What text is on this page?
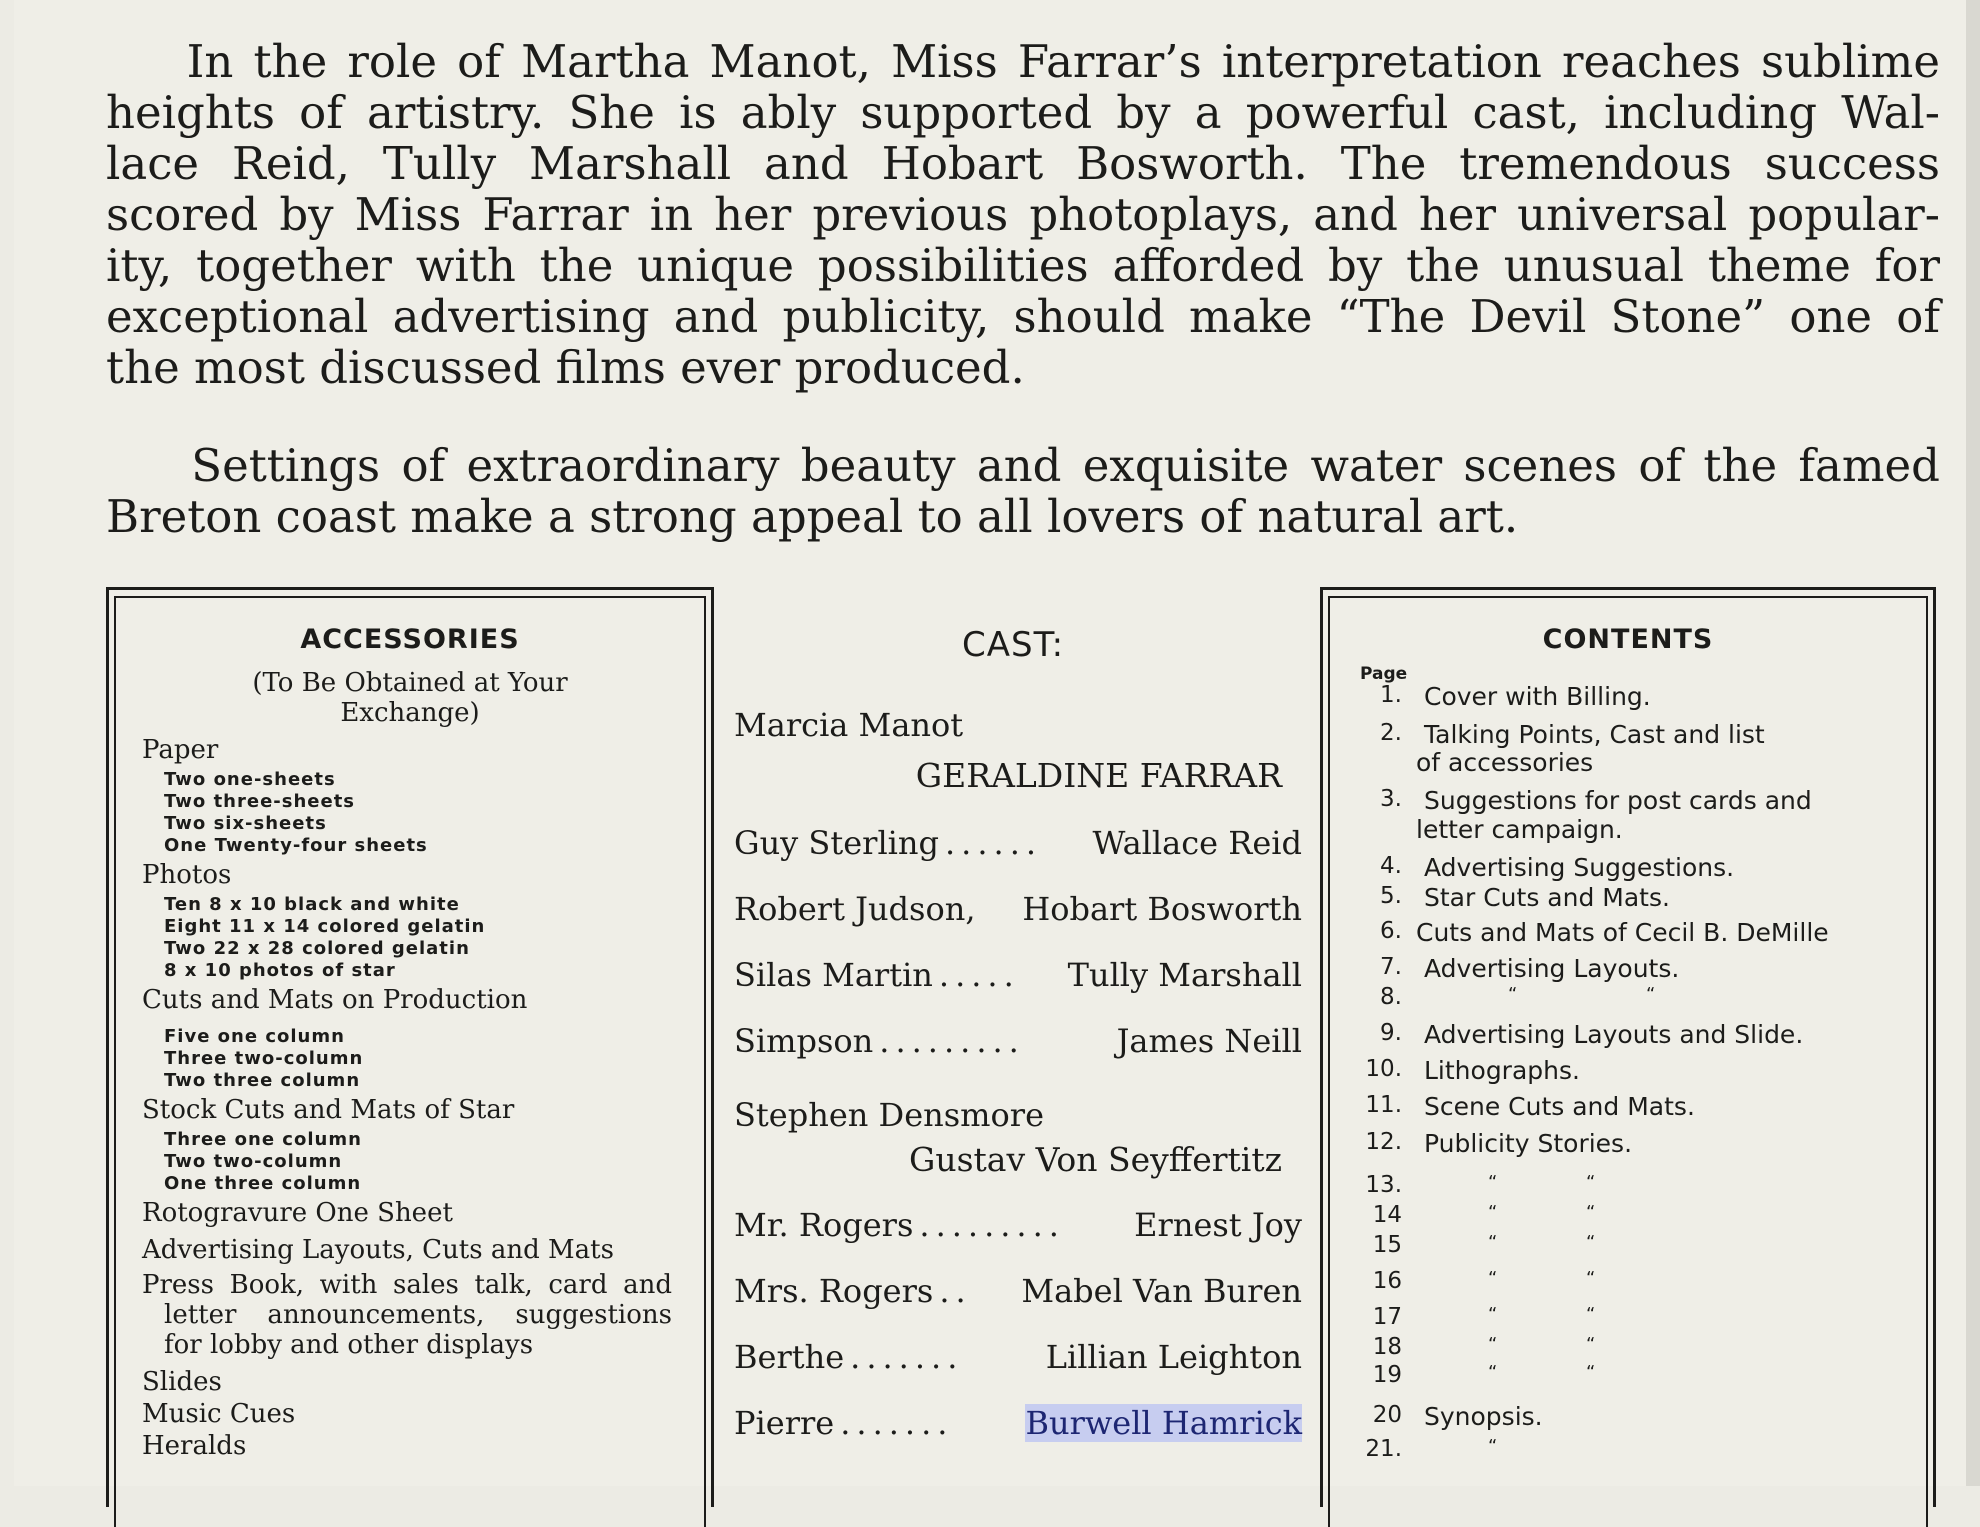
In the role of Martha Manot, Miss Farrar’s interpretation reaches sublime
heights of artistry. She is ably supported by a powerful cast, including Wal-
lace Reid, Tully Marshall and Hobart Bosworth. The tremendous success
scored by Miss Farrar in her previous photoplays, and her universal popular-
ity, together with the unique possibilities afforded by the unusual theme for
exceptional advertising and publicity, should make “The Devil Stone” one of
the most discussed films ever produced.
Settings of extraordinary beauty and exquisite water scenes of the famed
Breton coast make a strong appeal to all lovers of natural art.
ACCESSORIES
(To Be Obtained at Your
Exchange)
Paper
Two one-sheets
Two three-sheets
Two six-sheets
One Twenty-four sheets
Photos
Ten 8 x 10 black and white
Eight 11 x 14 colored gelatin
Two 22 x 28 colored gelatin
8 x 10 photos of star
Cuts and Mats on Production
Five one column
Three two-column
Two three column
Stock Cuts and Mats of Star
Three one column
Two two-column
One three column
Rotogravure One Sheet
Advertising Layouts, Cuts and Mats
Press Book, with sales talk, card and
letter announcements, suggestions
for lobby and other displays
Slides
Music Cues
Heralds
CAST:
Marcia Manot
GERALDINE FARRAR
Guy Sterling ......	Wallace Reid
Robert Judson, Hobart Bosworth
Silas Martin .....	Tully Marshall
Simpson .........	James Neill
Stephen Densmore
Gustav Von Seyffertitz
Mr. Rogers .........	Ernest Joy
Mrs. Rogers ..	Mabel Van Buren
Berthe .......	Lillian Leighton
Pierre .......	Burwell Hamrick
CONTENTS
Page
1. Cover with Billing.
2. Talking Points, Cast and list
of accessories
3. Suggestions for post cards and
letter campaign.
4. Advertising Suggestions.
5. Star Cuts and Mats.
6. Cuts and Mats of Cecil B. DeMille
7. Advertising Layouts.
8.	“	“
9. Advertising Layouts and Slide.
10. Lithographs.
11. Scene Cuts and Mats.
12. Publicity Stories.
13.	“	“
14	“	“
15	“	“
16	“	“
17	“	“
18	“	“
19	“	“
20 Synopsis.
21.	“
